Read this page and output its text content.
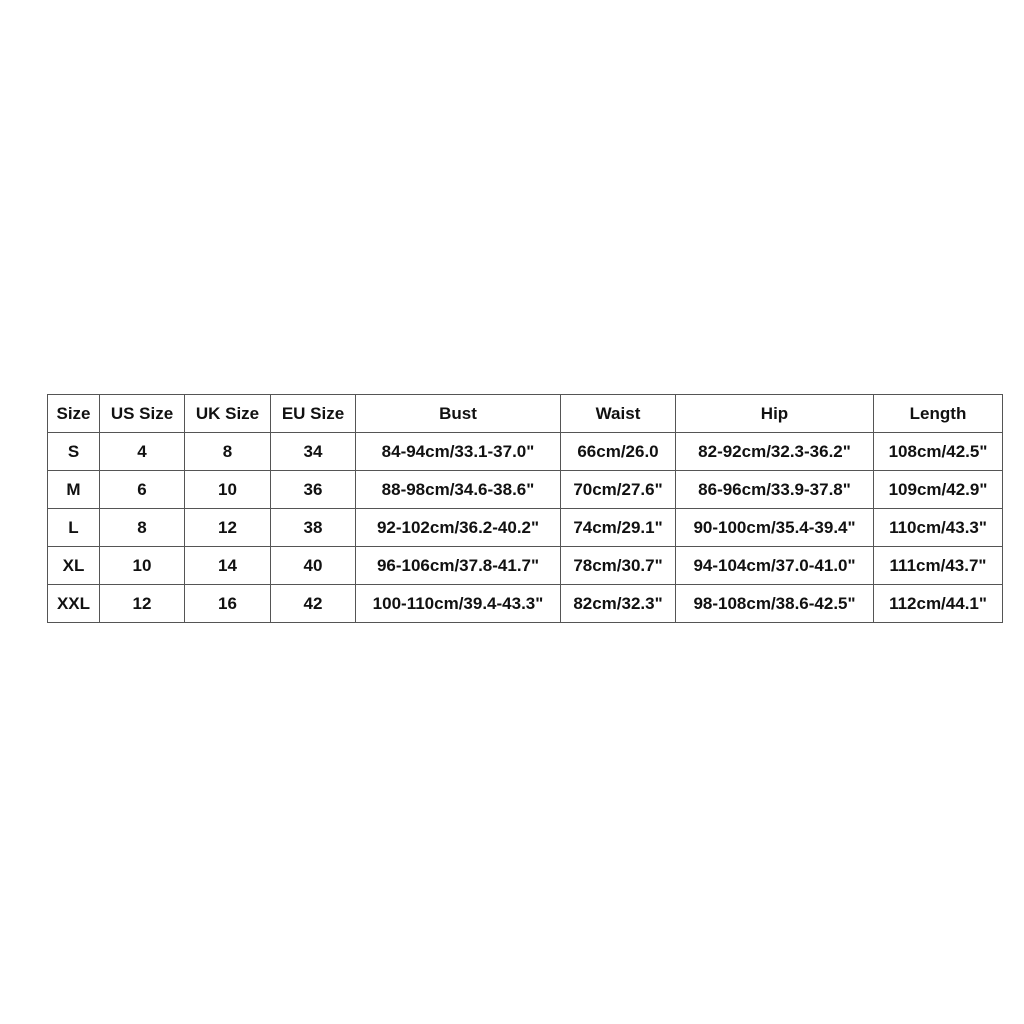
Size	US Size	UK Size	EU Size	Bust	Waist	Hip	Length
S	4	8	34	84-94cm/33.1-37.0"	66cm/26.0	82-92cm/32.3-36.2"	108cm/42.5"
M	6	10	36	88-98cm/34.6-38.6"	70cm/27.6"	86-96cm/33.9-37.8"	109cm/42.9"
L	8	12	38	92-102cm/36.2-40.2"	74cm/29.1"	90-100cm/35.4-39.4"	110cm/43.3"
XL	10	14	40	96-106cm/37.8-41.7"	78cm/30.7"	94-104cm/37.0-41.0"	111cm/43.7"
XXL	12	16	42	100-110cm/39.4-43.3"	82cm/32.3"	98-108cm/38.6-42.5"	112cm/44.1"
